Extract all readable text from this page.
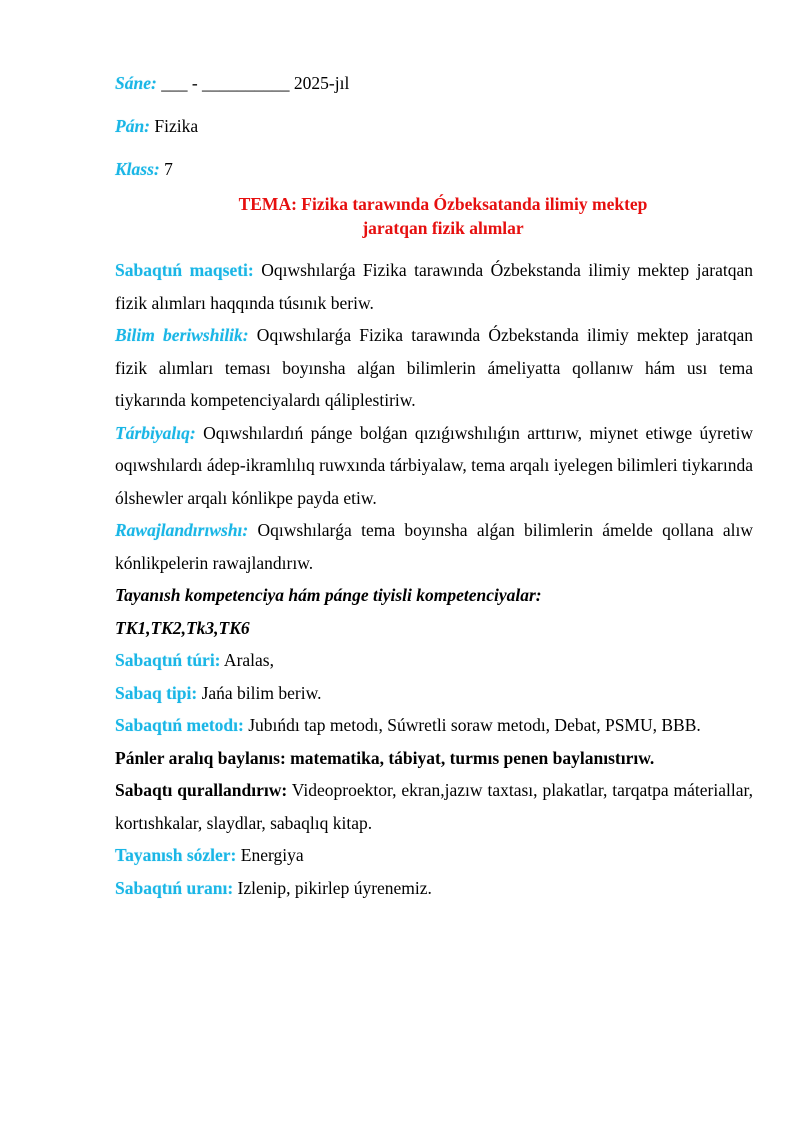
Sáne: ___ - __________ 2025-jıl

Pán: Fizika

Klass: 7

TEMA: Fizika tarawında Ózbeksatanda ilimiy mektep
jaratqan fizik alımlar

Sabaqtıń maqseti: Oqıwshılarǵa Fizika tarawında Ózbekstanda ilimiy mektep jaratqan fizik alımları haqqında túsınık beriw.

Bilim beriwshilik: Oqıwshılarǵa Fizika tarawında Ózbekstanda ilimiy mektep jaratqan fizik alımları teması boyınsha alǵan bilimlerin ámeliyatta qollanıw hám usı tema tiykarında kompetenciyalardı qáliplestiriw.

Tárbiyalıq: Oqıwshılardıń pánge bolǵan qızıǵıwshılıǵın arttırıw, miynet etiwge úyretiw oqıwshılardı ádep-ikramlılıq ruwxında tárbiyalaw, tema arqalı iyelegen bilimleri tiykarında ólshewler arqalı kónlikpe payda etiw.

Rawajlandırıwshı: Oqıwshılarǵa tema boyınsha alǵan bilimlerin ámelde qollana alıw kónlikpelerin rawajlandırıw.

Tayanısh kompetenciya hám pánge tiyisli kompetenciyalar:

TK1,TK2,Tk3,TK6

Sabaqtıń túri: Aralas,

Sabaq tipi: Jańa bilim beriw.

Sabaqtıń metodı: Jubıńdı tap metodı, Súwretli soraw metodı, Debat, PSMU, BBB.

Pánler aralıq baylanıs: matematika, tábiyat, turmıs penen baylanıstırıw.

Sabaqtı qurallandırıw: Videoproektor, ekran,jazıw taxtası, plakatlar, tarqatpa máteriallar, kortıshkalar, slaydlar, sabaqlıq kitap.

Tayanısh sózler: Energiya

Sabaqtıń uranı: Izlenip, pikirlep úyrenemiz.
